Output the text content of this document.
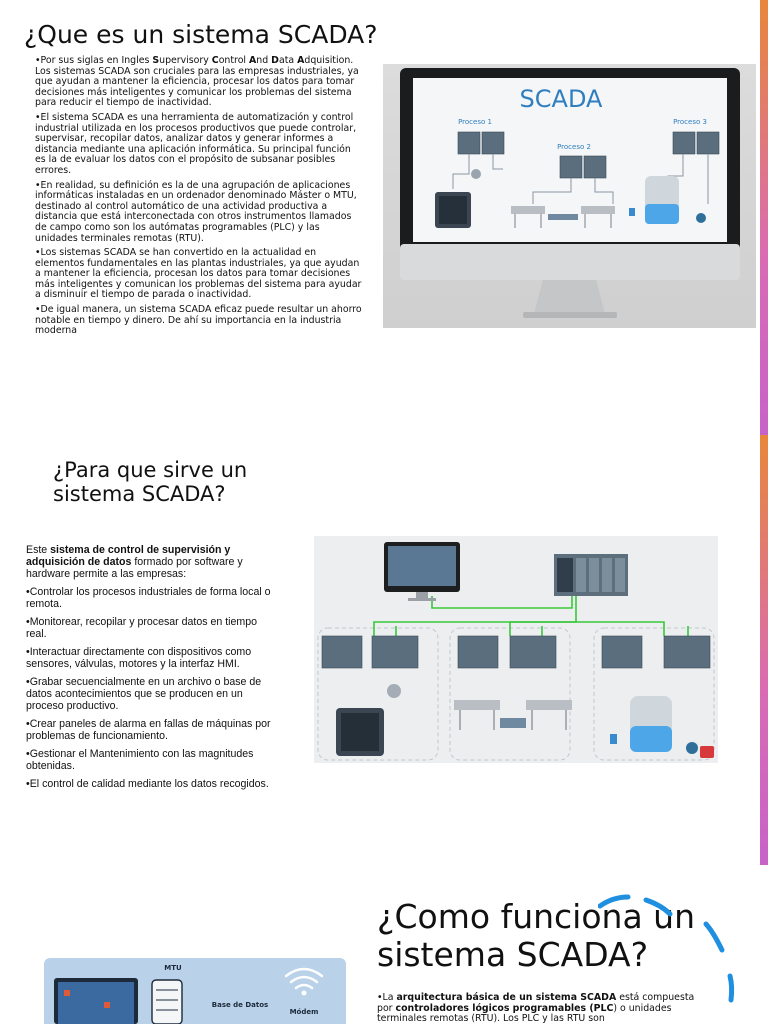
¿Que es un sistema SCADA?

•Por sus siglas en Ingles Supervisory Control And Data Adquisition. Los sistemas SCADA son cruciales para las empresas industriales, ya que ayudan a mantener la eficiencia, procesar los datos para tomar decisiones más inteligentes y comunicar los problemas del sistema para reducir el tiempo de inactividad.

•El sistema SCADA es una herramienta de automatización y control industrial utilizada en los procesos productivos que puede controlar, supervisar, recopilar datos, analizar datos y generar informes a distancia mediante una aplicación informática. Su principal función es la de evaluar los datos con el propósito de subsanar posibles errores.

•En realidad, su definición es la de una agrupación de aplicaciones informáticas instaladas en un ordenador denominado Máster o MTU, destinado al control automático de una actividad productiva a distancia que está interconectada con otros instrumentos llamados de campo como son los autómatas programables (PLC) y las unidades terminales remotas (RTU).

•Los sistemas SCADA se han convertido en la actualidad en elementos fundamentales en las plantas industriales, ya que ayudan a mantener la eficiencia, procesan los datos para tomar decisiones más inteligentes y comunican los problemas del sistema para ayudar a disminuir el tiempo de parada o inactividad.

•De igual manera, un sistema SCADA eficaz puede resultar un ahorro notable en tiempo y dinero. De ahí su importancia en la industria moderna

SCADA
Proceso 1
Proceso 2
Proceso 3
¿Para que sirve un
sistema SCADA?

Este sistema de control de supervisión y adquisición de datos formado por software y hardware permite a las empresas:

•Controlar los procesos industriales de forma local o remota.

•Monitorear, recopilar y procesar datos en tiempo real.

•Interactuar directamente con dispositivos como sensores, válvulas, motores y la interfaz HMI.

•Grabar secuencialmente en un archivo o base de datos acontecimientos que se producen en un proceso productivo.

•Crear paneles de alarma en fallas de máquinas por problemas de funcionamiento.

•Gestionar el Mantenimiento con las magnitudes obtenidas.

•El control de calidad mediante los datos recogidos.

¿Como funciona un
sistema SCADA?

•La arquitectura básica de un sistema SCADA está compuesta por controladores lógicos programables (PLC) o unidades terminales remotas (RTU). Los PLC y las RTU son

MTU
Base de Datos
Módem
